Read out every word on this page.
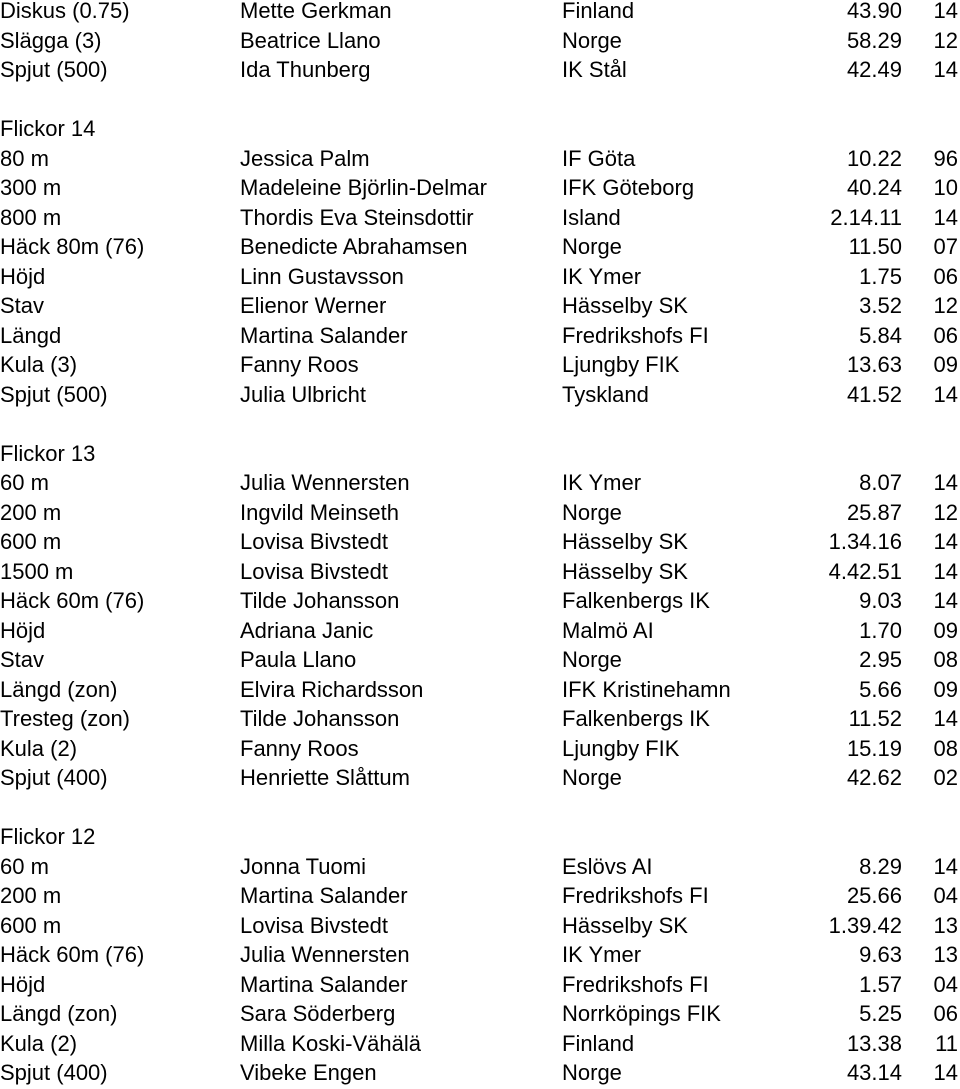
Diskus (0.75)	Mette Gerkman	Finland	43.90 14
Slägga (3)	Beatrice Llano	Norge	58.29 12
Spjut (500)	Ida Thunberg	IK Stål	42.49 14
Flickor 14
80 m	Jessica Palm	IF Göta	10.22 96
300 m	Madeleine Björlin-Delmar	IFK Göteborg	40.24 10
800 m	Thordis Eva Steinsdottir	Island	2.14.11 14
Häck 80m (76)	Benedicte Abrahamsen	Norge	11.50 07
Höjd	Linn Gustavsson	IK Ymer	1.75 06
Stav	Elienor Werner	Hässelby SK	3.52 12
Längd	Martina Salander	Fredrikshofs FI	5.84 06
Kula (3)	Fanny Roos	Ljungby FIK	13.63 09
Spjut (500)	Julia Ulbricht	Tyskland	41.52 14
Flickor 13
60 m	Julia Wennersten	IK Ymer	8.07 14
200 m	Ingvild Meinseth	Norge	25.87 12
600 m	Lovisa Bivstedt	Hässelby SK	1.34.16 14
1500 m	Lovisa Bivstedt	Hässelby SK	4.42.51 14
Häck 60m (76)	Tilde Johansson	Falkenbergs IK	9.03 14
Höjd	Adriana Janic	Malmö AI	1.70 09
Stav	Paula Llano	Norge	2.95 08
Längd (zon)	Elvira Richardsson	IFK Kristinehamn	5.66 09
Tresteg (zon)	Tilde Johansson	Falkenbergs IK	11.52 14
Kula (2)	Fanny Roos	Ljungby FIK	15.19 08
Spjut (400)	Henriette Slåttum	Norge	42.62 02
Flickor 12
60 m	Jonna Tuomi	Eslövs AI	8.29 14
200 m	Martina Salander	Fredrikshofs FI	25.66 04
600 m	Lovisa Bivstedt	Hässelby SK	1.39.42 13
Häck 60m (76)	Julia Wennersten	IK Ymer	9.63 13
Höjd	Martina Salander	Fredrikshofs FI	1.57 04
Längd (zon)	Sara Söderberg	Norrköpings FIK	5.25 06
Kula (2)	Milla Koski-Vähälä	Finland	13.38 11
Spjut (400)	Vibeke Engen	Norge	43.14 14
